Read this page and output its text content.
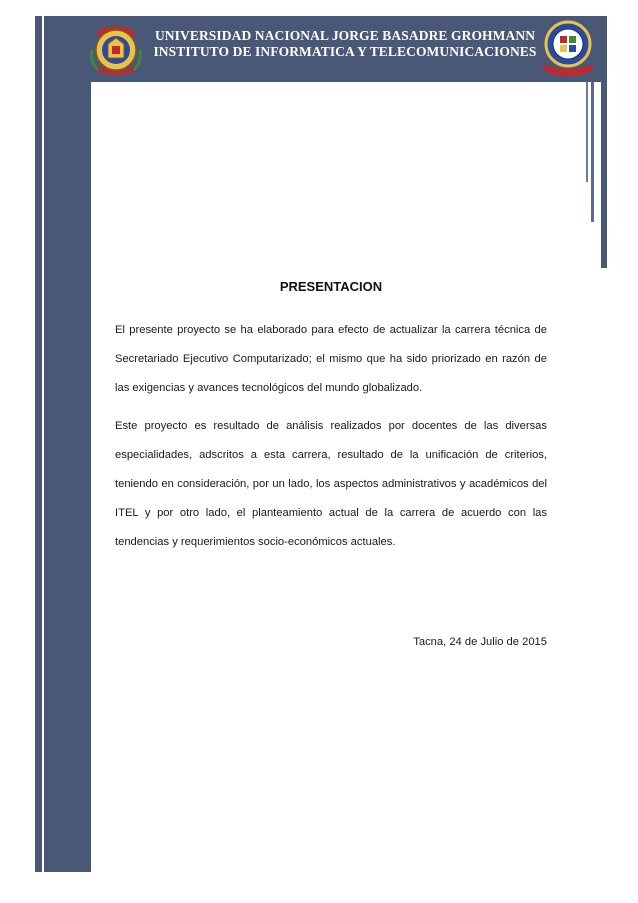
UNIVERSIDAD NACIONAL JORGE BASADRE GROHMANN
INSTITUTO DE INFORMATICA Y TELECOMUNICACIONES
PRESENTACION
El presente proyecto se ha elaborado para efecto de actualizar la carrera técnica de Secretariado Ejecutivo Computarizado; el mismo que ha sido priorizado en razón de las exigencias y avances tecnológicos del mundo globalizado.
Este proyecto es resultado de análisis realizados por docentes de las diversas especialidades, adscritos a esta carrera, resultado de la unificación de criterios, teniendo en consideración, por un lado, los aspectos administrativos y académicos del ITEL y por otro lado, el planteamiento actual de la carrera de acuerdo con las tendencias y requerimientos socio-económicos actuales.
Tacna, 24 de Julio de 2015
